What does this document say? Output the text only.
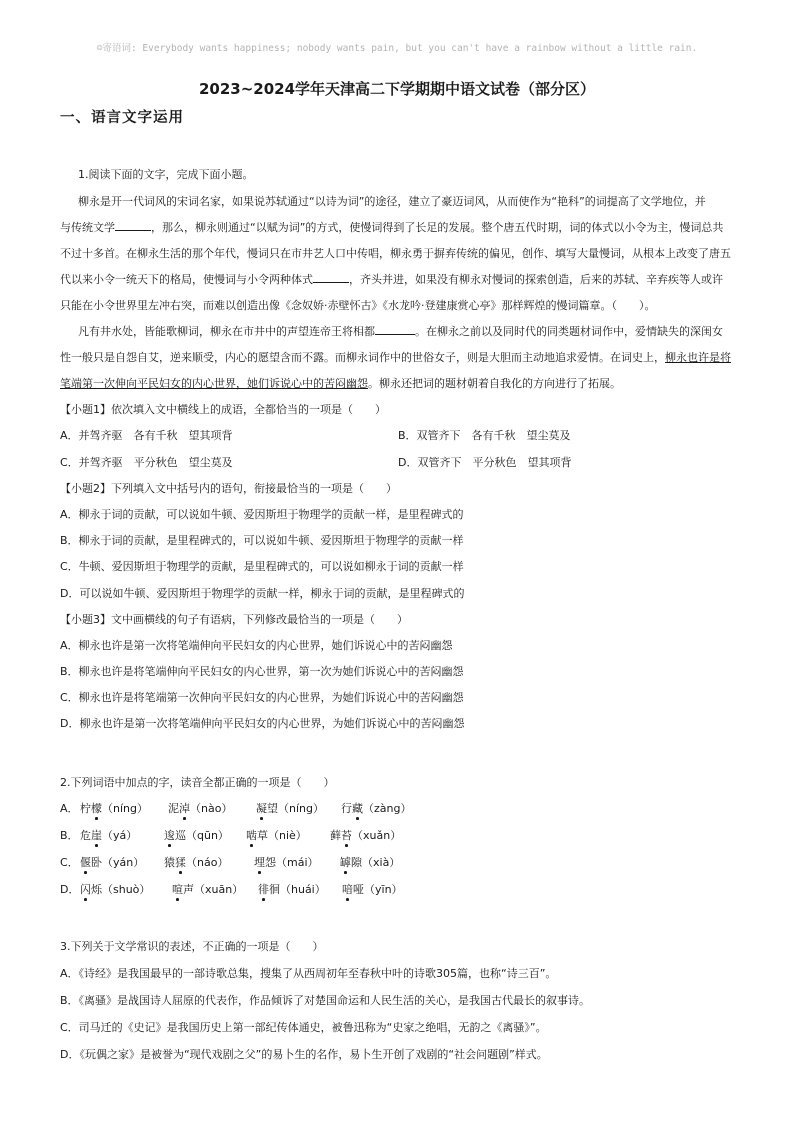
☺寄语词: Everybody wants happiness; nobody wants pain, but you can't have a rainbow without a little rain.
2023~2024学年天津高二下学期期中语文试卷（部分区）
一、语言文字运用
1.阅读下面的文字，完成下面小题。
柳永是开一代词风的宋词名家，如果说苏轼通过“以诗为词”的途径，建立了豪迈词风，从而使作为“艳科”的词提高了文学地位，并
与传统文学	，那么，柳永则通过“以赋为词”的方式，使慢词得到了长足的发展。整个唐五代时期，词的体式以小令为主，慢词总共
不过十多首。在柳永生活的那个年代，慢词只在市井艺人口中传唱，柳永勇于摒弃传统的偏见，创作、填写大量慢词，从根本上改变了唐五
代以来小令一统天下的格局，使慢词与小令两种体式	，齐头并进，如果没有柳永对慢词的探索创造，后来的苏轼、辛弃疾等人或许
只能在小令世界里左冲右突，而难以创造出像《念奴娇·赤壁怀古》《水龙吟·登建康赏心亭》那样辉煌的慢词篇章。（　　）。
凡有井水处，皆能歌柳词，柳永在市井中的声望连帝王将相都	。在柳永之前以及同时代的同类题材词作中，爱情缺失的深闺女
性一般只是自怨自艾，逆来顺受，内心的愿望含而不露。而柳永词作中的世俗女子，则是大胆而主动地追求爱情。在词史上，柳永也许是将
笔端第一次伸向平民妇女的内心世界，她们诉说心中的苦闷幽怨。柳永还把词的题材朝着自我化的方向进行了拓展。
【小题1】依次填入文中横线上的成语，全都恰当的一项是（　　）
A．并驾齐驱　各有千秋　望其项背	B．双管齐下　各有千秋　望尘莫及
C．并驾齐驱　平分秋色　望尘莫及	D．双管齐下　平分秋色　望其项背
【小题2】下列填入文中括号内的语句，衔接最恰当的一项是（　　）
A．柳永于词的贡献，可以说如牛顿、爱因斯坦于物理学的贡献一样，是里程碑式的
B．柳永于词的贡献，是里程碑式的，可以说如牛顿、爱因斯坦于物理学的贡献一样
C．牛顿、爱因斯坦于物理学的贡献，是里程碑式的，可以说如柳永于词的贡献一样
D．可以说如牛顿、爱因斯坦于物理学的贡献一样，柳永于词的贡献，是里程碑式的
【小题3】文中画横线的句子有语病，下列修改最恰当的一项是（　　）
A．柳永也许是第一次将笔端伸向平民妇女的内心世界，她们诉说心中的苦闷幽怨
B．柳永也许是将笔端伸向平民妇女的内心世界，第一次为她们诉说心中的苦闷幽怨
C．柳永也许是将笔端第一次伸向平民妇女的内心世界，为她们诉说心中的苦闷幽怨
D．柳永也许是第一次将笔端伸向平民妇女的内心世界，为她们诉说心中的苦闷幽怨
2.下列词语中加点的字，读音全都正确的一项是（　　）
A． 柠檬（níng） 泥淖（nào） 凝望（níng） 行藏（zàng）
B． 危崖（yá） 逡巡（qūn） 啮草（niè） 藓苔（xuǎn）
C． 偃卧（yán） 猿猱（náo） 埋怨（mái） 罅隙（xià）
D． 闪烁（shuò） 喧声（xuān） 徘徊（huái） 喑哑（yīn）
3.下列关于文学常识的表述，不正确的一项是（　　）
A．《诗经》是我国最早的一部诗歌总集，搜集了从西周初年至春秋中叶的诗歌305篇，也称“诗三百”。
B．《离骚》是战国诗人屈原的代表作，作品倾诉了对楚国命运和人民生活的关心，是我国古代最长的叙事诗。
C．司马迁的《史记》是我国历史上第一部纪传体通史，被鲁迅称为“史家之绝唱，无韵之《离骚》”。
D．《玩偶之家》是被誉为“现代戏剧之父”的易卜生的名作，易卜生开创了戏剧的“社会问题剧”样式。
